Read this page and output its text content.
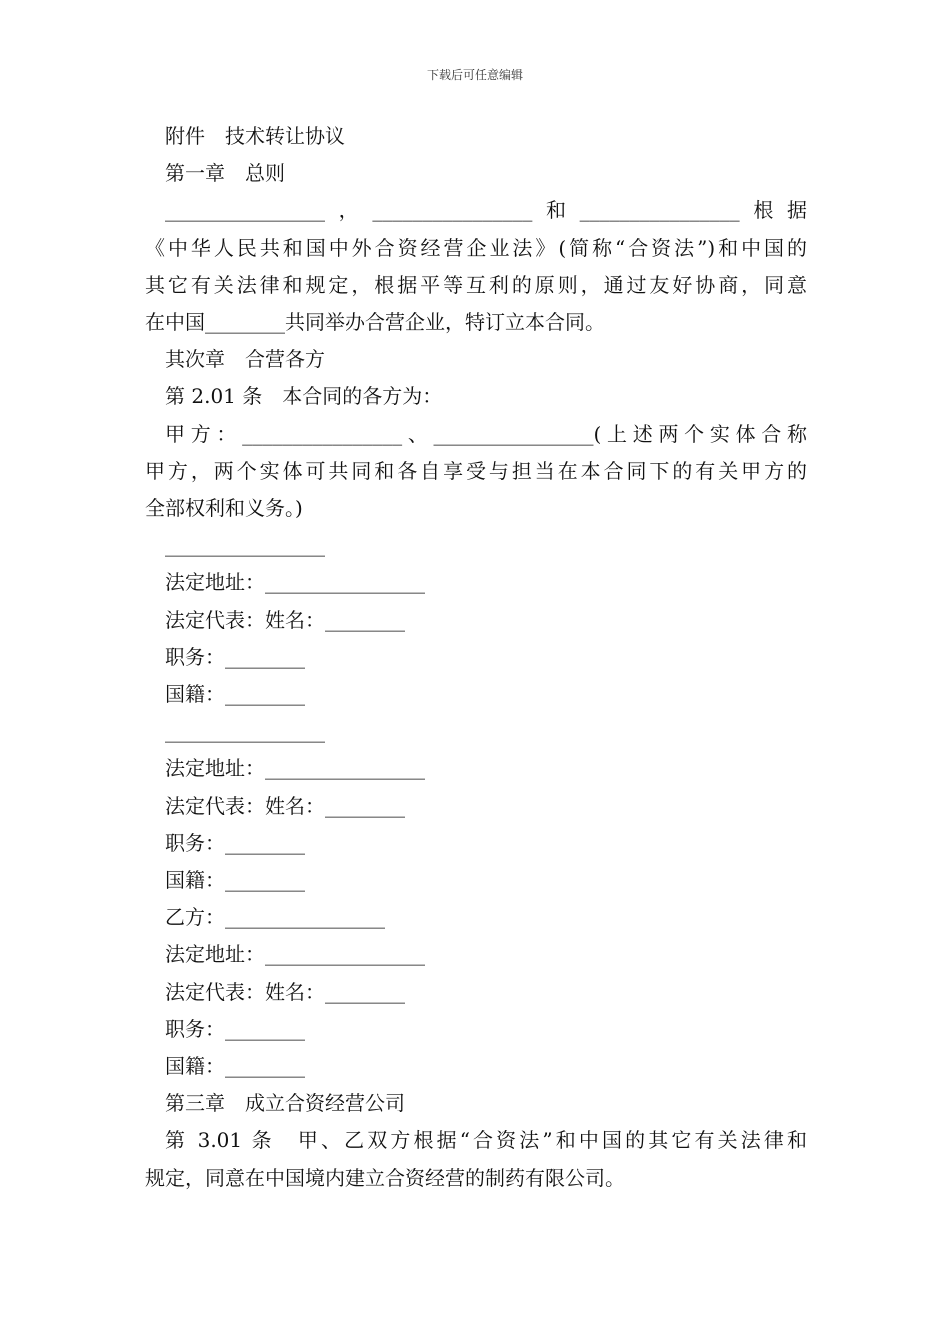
下载后可任意编辑
附件　技术转让协议
第一章　总则
________________，________________和________________根据
《中华人民共和国中外合资经营企业法》(简称“合资法”)和中国的
其它有关法律和规定，根据平等互利的原则，通过友好协商，同意
在中国________共同举办合营企业，特订立本合同。
其次章　合营各方
第 2.01 条　本合同的各方为：
甲方：________________、________________(上述两个实体合称
甲方，两个实体可共同和各自享受与担当在本合同下的有关甲方的
全部权利和义务。)
________________
法定地址：________________
法定代表：姓名：________
职务：________
国籍：________
________________
法定地址：________________
法定代表：姓名：________
职务：________
国籍：________
乙方：________________
法定地址：________________
法定代表：姓名：________
职务：________
国籍：________
第三章　成立合资经营公司
第 3.01 条　甲、乙双方根据“合资法”和中国的其它有关法律和
规定，同意在中国境内建立合资经营的制药有限公司。
